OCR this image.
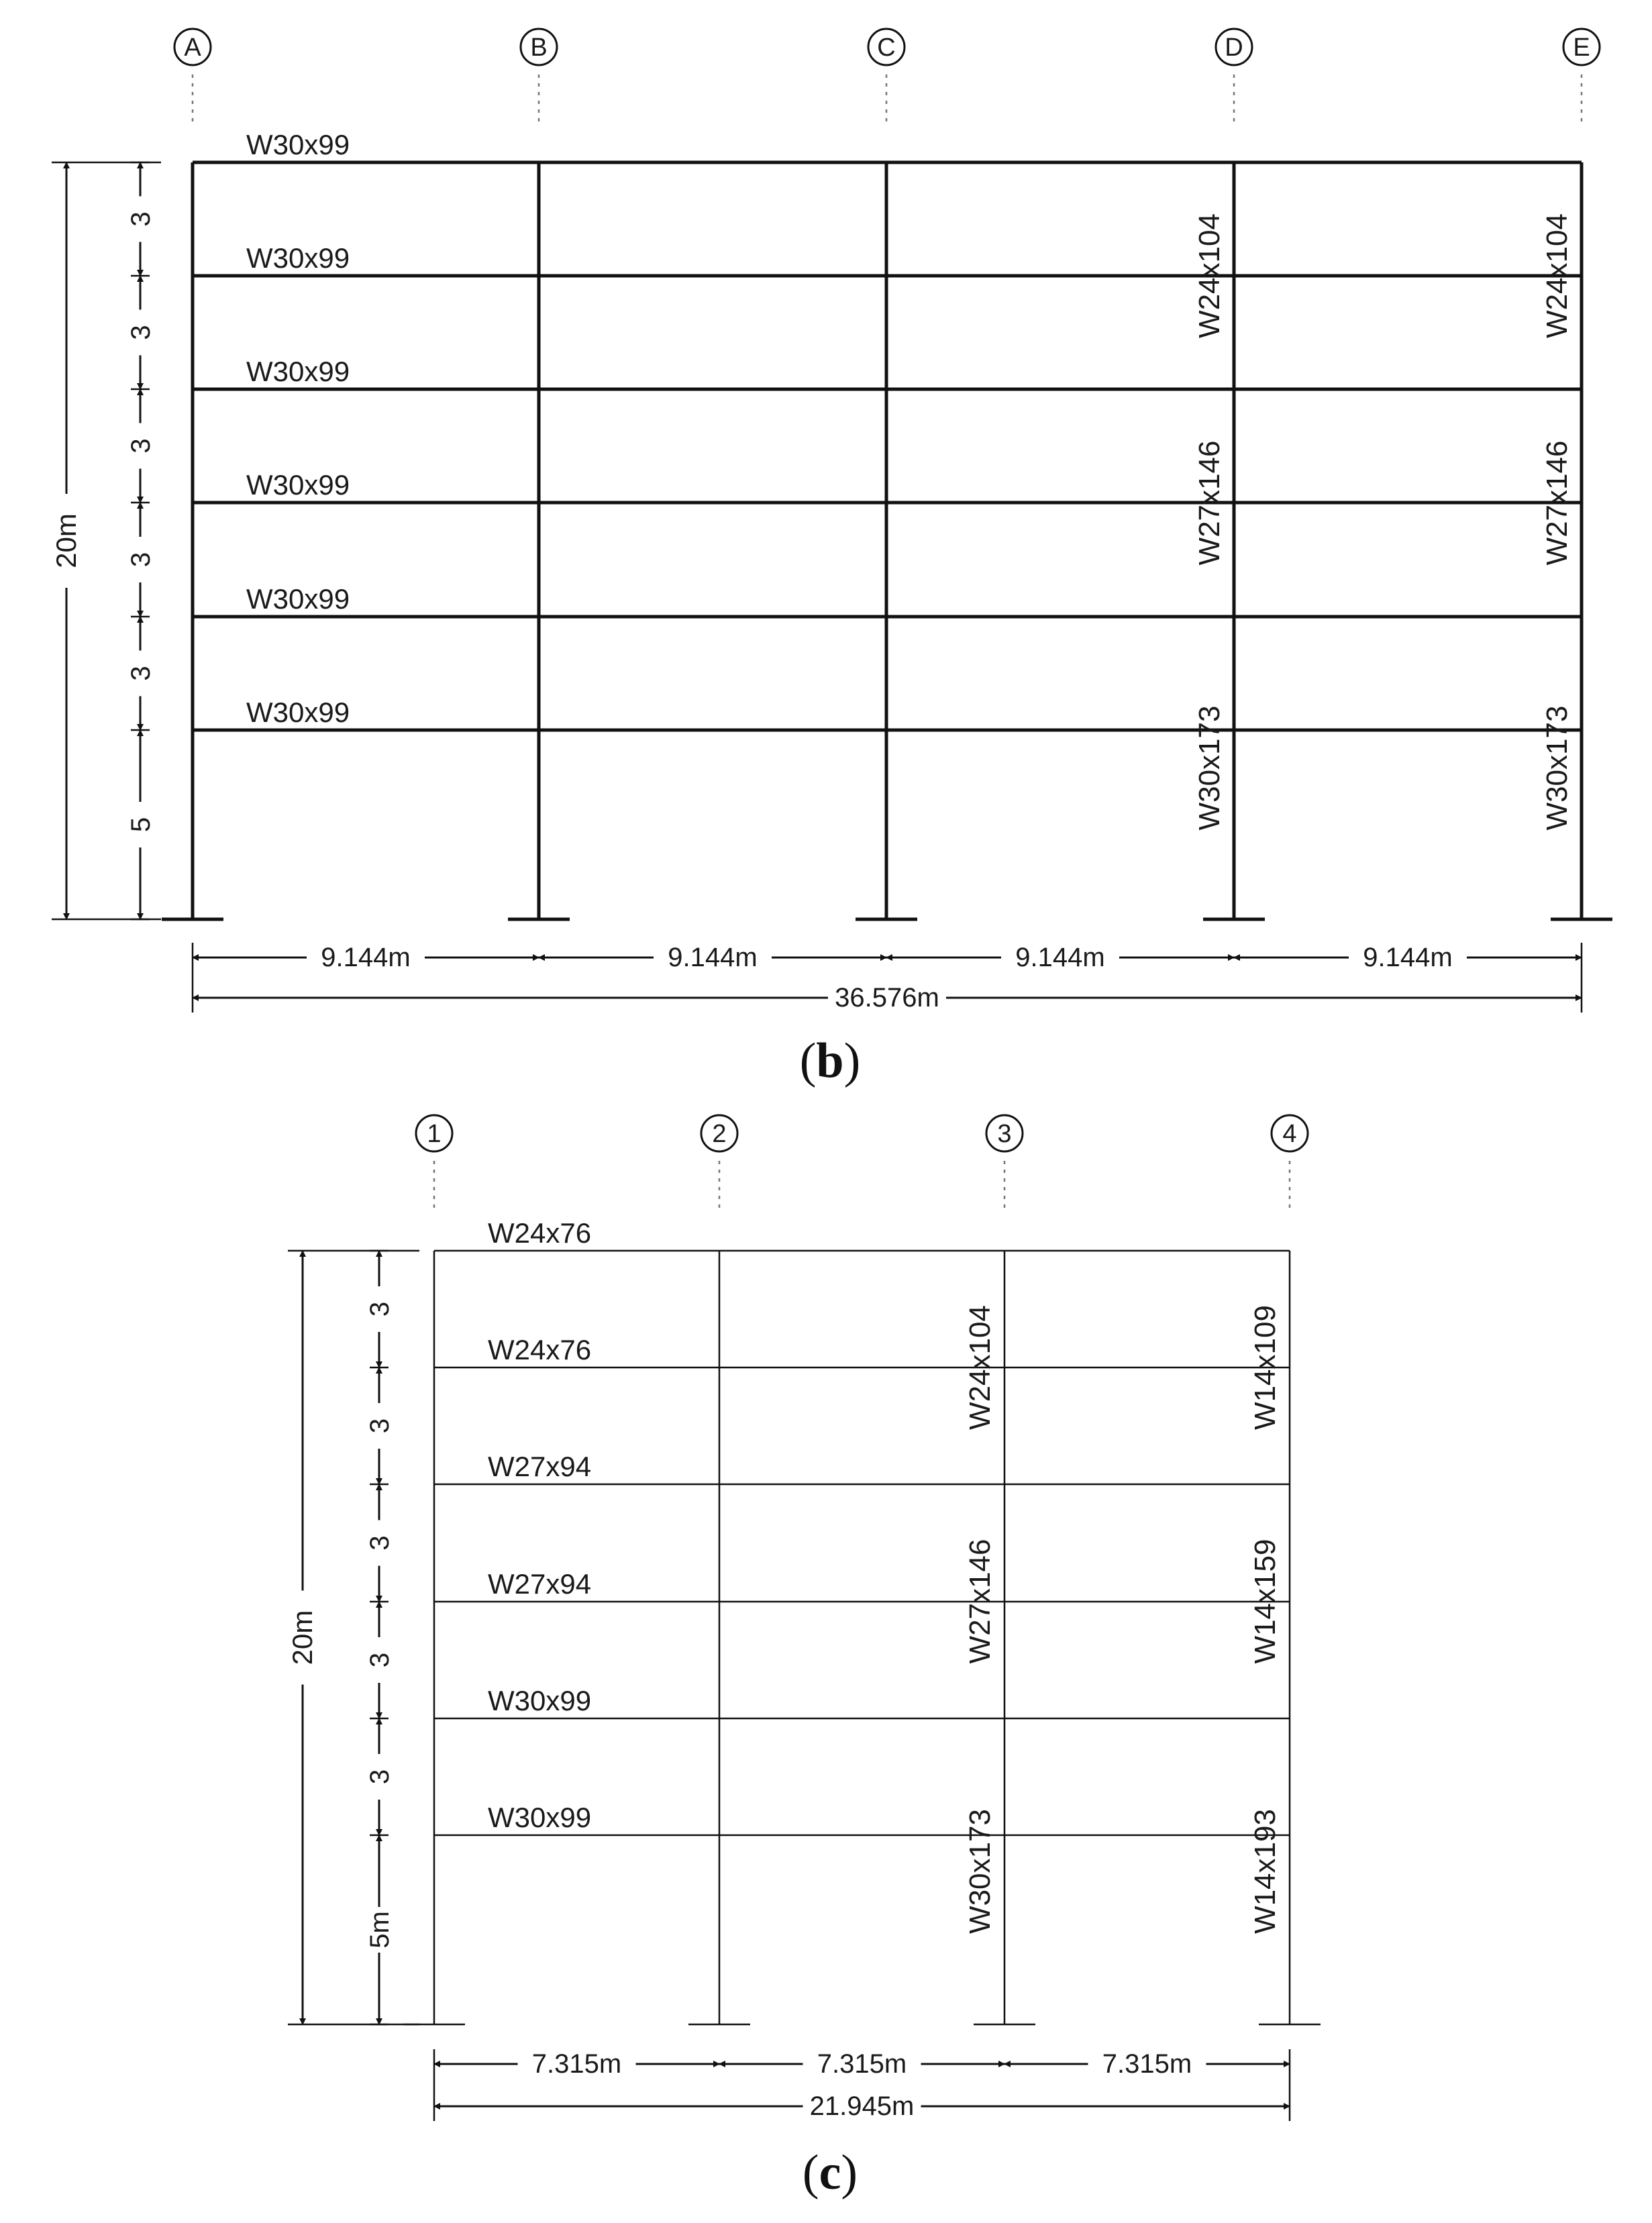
A	B	C	D	E
W30x99
W30x99
W30x99
W30x99
W30x99
W30x99
W24x104
W27x146
W30x173
W24x104
W27x146
W30x173
20m
3
3
3
3
3
5
9.144m	9.144m	9.144m	9.144m
36.576m
(b)
1	2	3	4
W24x76
W24x76
W27x94
W27x94
W30x99
W30x99
W24x104
W27x146
W30x173
W14x109
W14x159
W14x193
20m
3
3
3
3
3
5m
7.315m	7.315m	7.315m
21.945m
(c)
